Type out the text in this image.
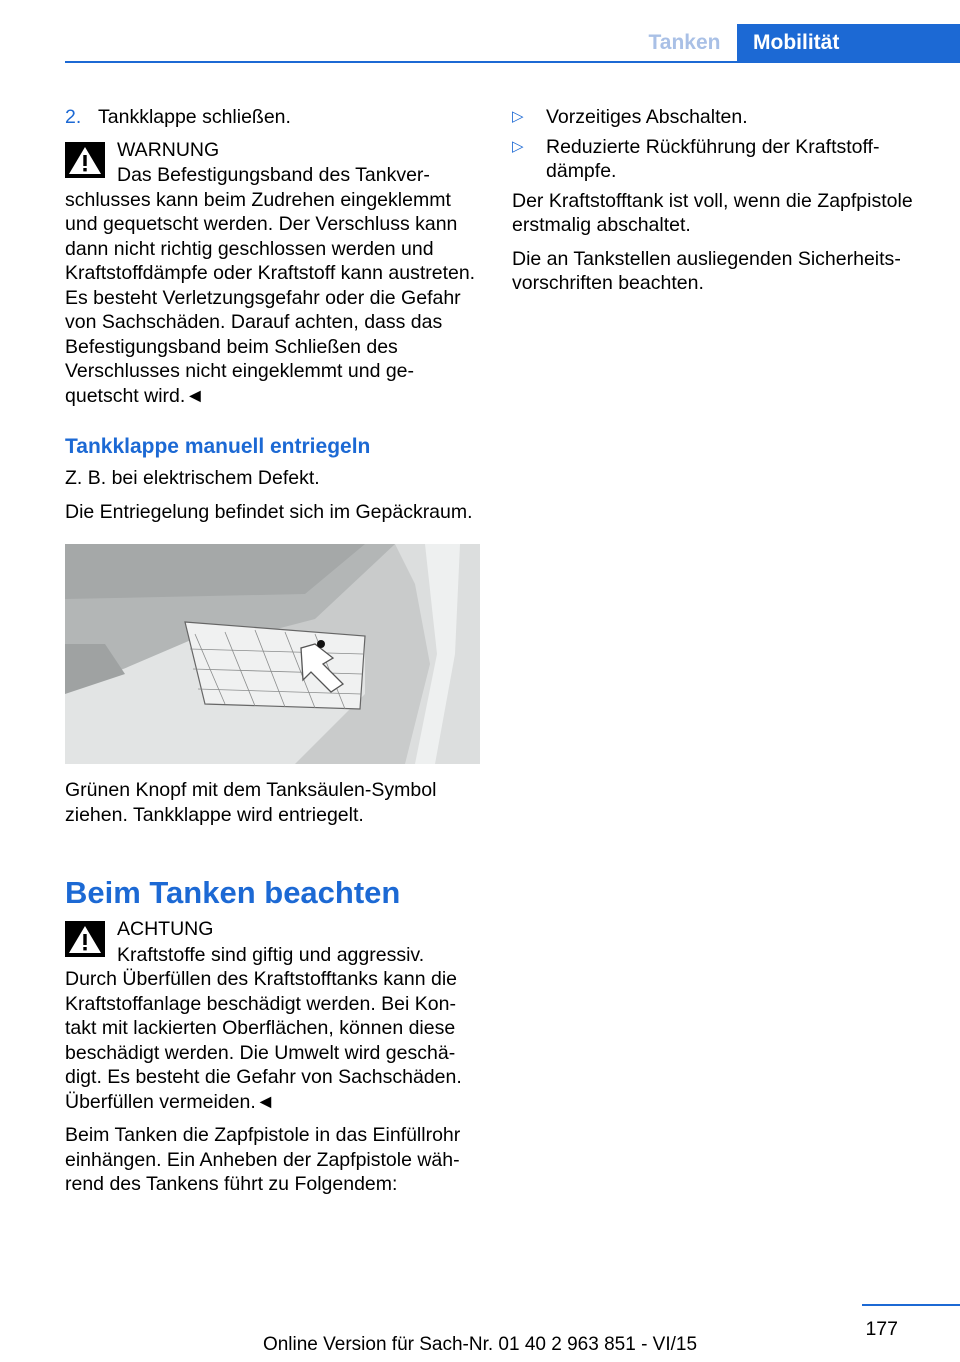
Tanken	Mobilität
2. Tankklappe schließen.
WARNUNG
Das Befestigungsband des Tankverschlusses kann beim Zudrehen eingeklemmt und gequetscht werden. Der Verschluss kann dann nicht richtig geschlossen werden und Kraftstoffdämpfe oder Kraftstoff kann austreten. Es besteht Verletzungsgefahr oder die Gefahr von Sachschäden. Darauf achten, dass das Befestigungsband beim Schließen des Verschlusses nicht eingeklemmt und gequetscht wird.◄
Tankklappe manuell entriegeln

Z. B. bei elektrischem Defekt.

Die Entriegelung befindet sich im Gepäckraum.

Grünen Knopf mit dem Tanksäulen-Symbol ziehen. Tankklappe wird entriegelt.

Beim Tanken beachten
ACHTUNG
Kraftstoffe sind giftig und aggressiv. Durch Überfüllen des Kraftstofftanks kann die Kraftstoffanlage beschädigt werden. Bei Kontakt mit lackierten Oberflächen, können diese beschädigt werden. Die Umwelt wird geschädigt. Es besteht die Gefahr von Sachschäden. Überfüllen vermeiden.◄

Beim Tanken die Zapfpistole in das Einfüllrohr einhängen. Ein Anheben der Zapfpistole während des Tankens führt zu Folgendem:

▷	Vorzeitiges Abschalten.
▷	Reduzierte Rückführung der Kraftstoffdämpfe.

Der Kraftstofftank ist voll, wenn die Zapfpistole erstmalig abschaltet.

Die an Tankstellen ausliegenden Sicherheitsvorschriften beachten.

177
Online Version für Sach-Nr. 01 40 2 963 851 - VI/15
